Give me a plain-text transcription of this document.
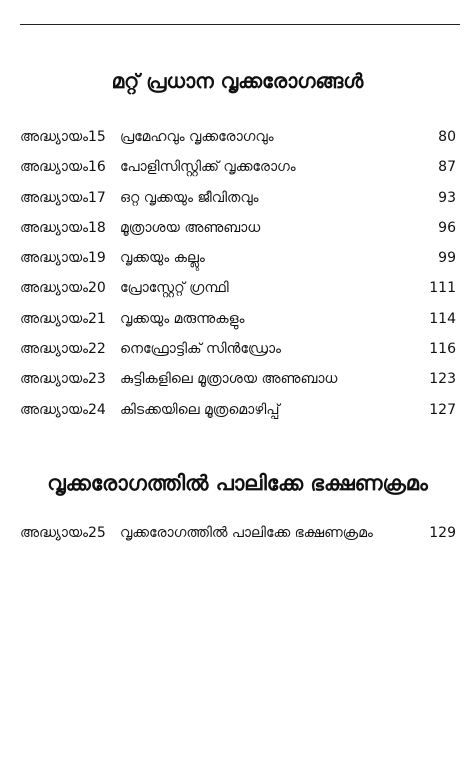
മറ്റ് പ്രധാന വൃക്കരോഗങ്ങൾ
അദ്ധ്യായം 15 പ്രമേഹവും വൃക്കരോഗവും	80
അദ്ധ്യായം 16 പോളിസിസ്റ്റിക്ക് വൃക്കരോഗം	87
അദ്ധ്യായം 17 ഒറ്റ വൃക്കയും ജീവിതവും	93
അദ്ധ്യായം 18 മൂത്രാശയ അണുബാധ	96
അദ്ധ്യായം 19 വൃക്കയും കല്ലും	99
അദ്ധ്യായം 20 പ്രോസ്റ്റേറ്റ് ഗ്രന്ഥി	111
അദ്ധ്യായം 21 വൃക്കയും മരുന്നുകളും	114
അദ്ധ്യായം 22 നെഫ്രോട്ടിക് സിൻഡ്രോം	116
അദ്ധ്യായം 23 കുട്ടികളിലെ മൂത്രാശയ അണുബാധ	123
അദ്ധ്യായം 24 കിടക്കയിലെ മൂത്രമൊഴിപ്പ്	127
വൃക്കരോഗത്തിൽ പാലിക്കേ ഭക്ഷണക്രമം
അദ്ധ്യായം 25 വൃക്കരോഗത്തിൽ പാലിക്കേ ഭക്ഷണക്രമം	129
